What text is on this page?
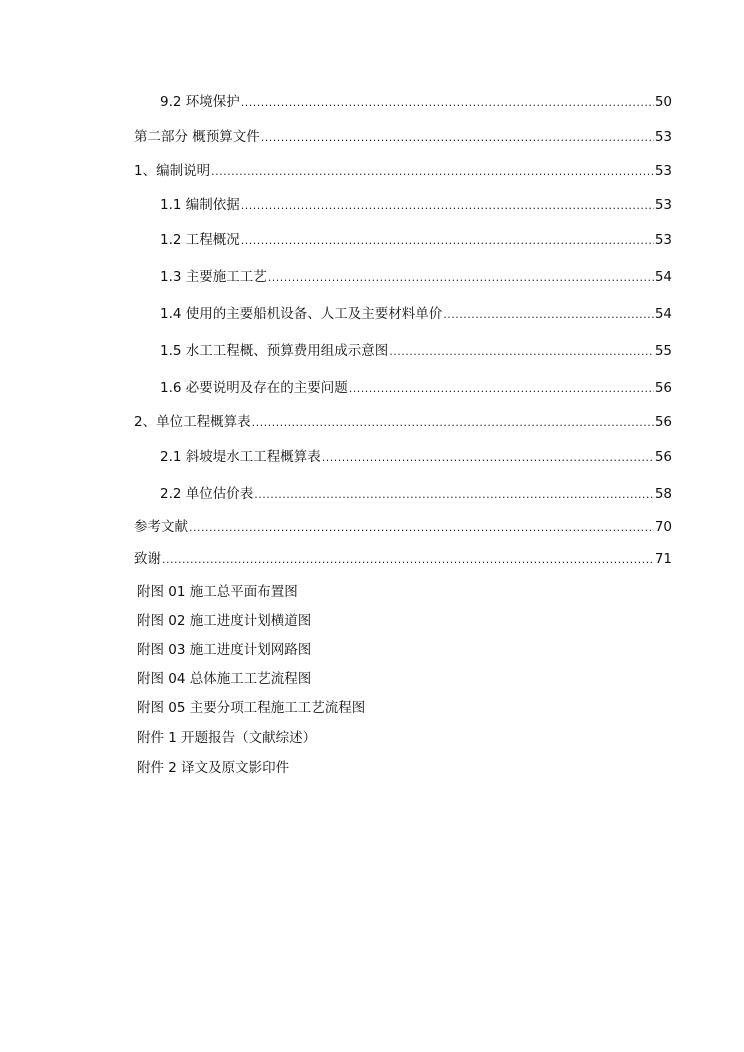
9.2 环境保护 .....	50
第二部分 概预算文件 .....	53
1、编制说明 .....	53
1.1 编制依据 .....	53
1.2 工程概况 .....	53
1.3 主要施工工艺 .....	54
1.4 使用的主要船机设备、人工及主要材料单价 .....	54
1.5 水工工程概、预算费用组成示意图 .....	55
1.6 必要说明及存在的主要问题 .....	56
2、单位工程概算表 .....	56
2.1 斜坡堤水工工程概算表 .....	56
2.2 单位估价表 .....	58
参考文献 .....	70
致谢 .....	71
附图 01 施工总平面布置图
附图 02 施工进度计划横道图
附图 03 施工进度计划网路图
附图 04 总体施工工艺流程图
附图 05 主要分项工程施工工艺流程图
附件 1 开题报告（文献综述）
附件 2 译文及原文影印件
